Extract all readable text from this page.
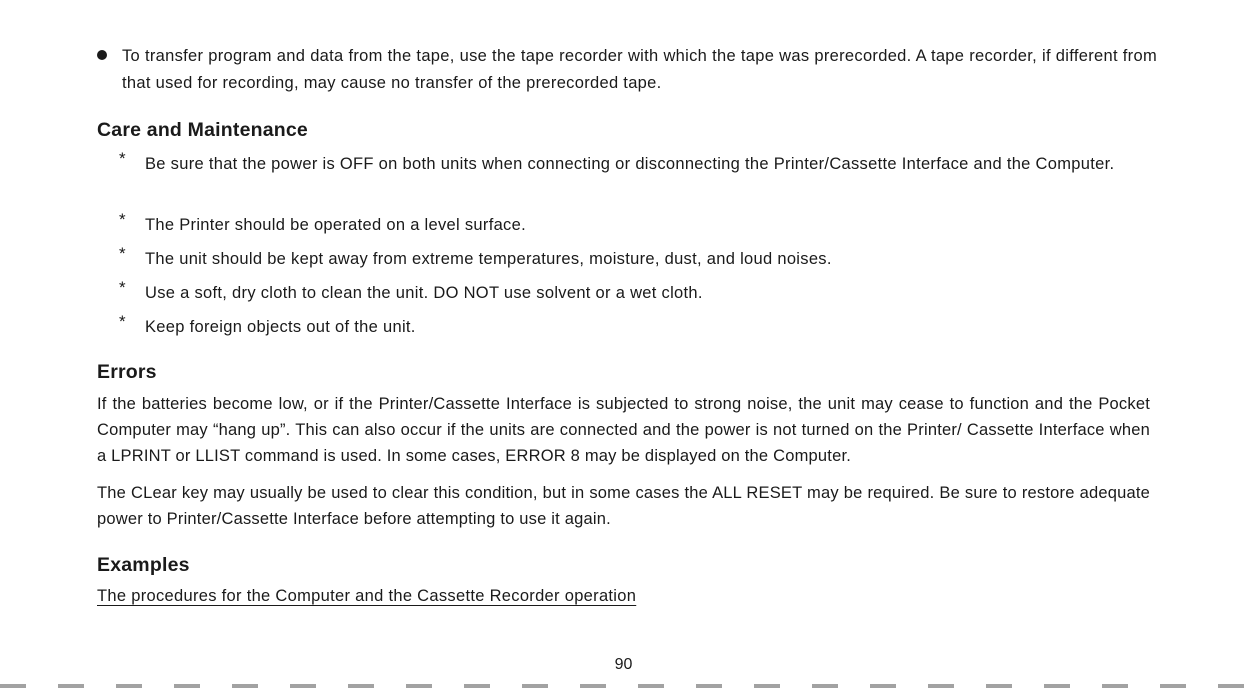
To transfer program and data from the tape, use the tape recorder with which the tape was prerecorded. A tape recorder, if different from that used for recording, may cause no transfer of the prerecorded tape.
Care and Maintenance
* Be sure that the power is OFF on both units when connecting or disconnecting the Printer/Cassette Interface and the Computer.
* The Printer should be operated on a level surface.
* The unit should be kept away from extreme temperatures, moisture, dust, and loud noises.
* Use a soft, dry cloth to clean the unit. DO NOT use solvent or a wet cloth.
* Keep foreign objects out of the unit.
Errors
If the batteries become low, or if the Printer/Cassette Interface is subjected to strong noise, the unit may cease to function and the Pocket Computer may “hang up”. This can also occur if the units are connected and the power is not turned on the Printer/ Cassette Interface when a LPRINT or LLIST command is used. In some cases, ERROR 8 may be displayed on the Computer.
The CLear key may usually be used to clear this condition, but in some cases the ALL RESET may be required. Be sure to restore adequate power to Printer/Cassette Interface before attempting to use it again.
Examples
The procedures for the Computer and the Cassette Recorder operation
90
